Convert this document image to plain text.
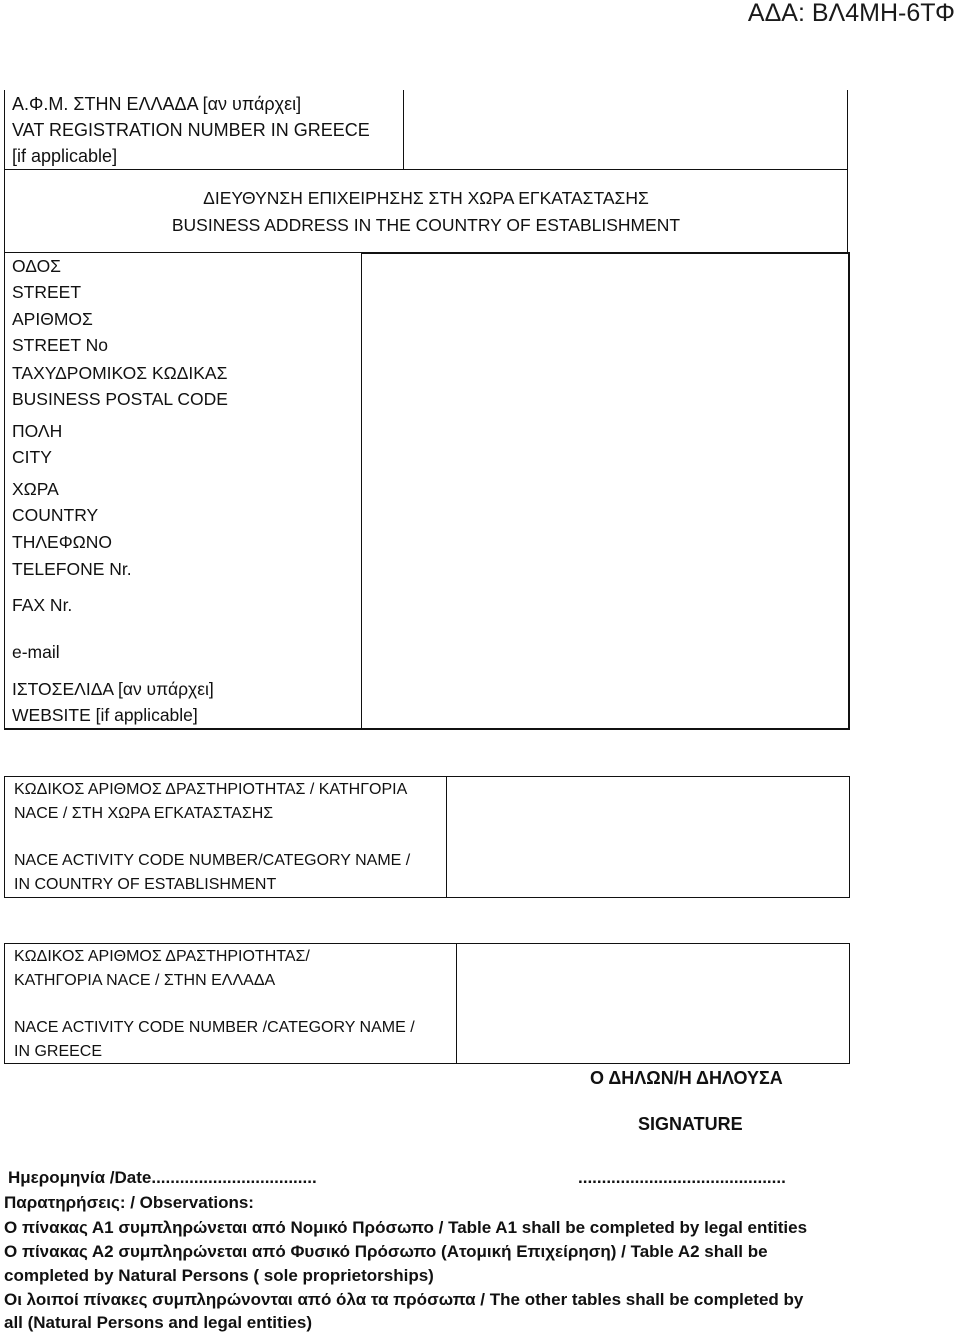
ΑΔΑ: ΒΛ4ΜΗ-6ΤΦ
Α.Φ.Μ. ΣΤΗΝ ΕΛΛΑΔΑ [αν υπάρχει]
VAT REGISTRATION NUMBER IN GREECE
[if applicable]
ΔΙΕΥΘΥΝΣΗ ΕΠΙΧΕΙΡΗΣΗΣ ΣΤΗ ΧΩΡΑ ΕΓΚΑΤΑΣΤΑΣΗΣ
BUSINESS ADDRESS IN THE COUNTRY OF ESTABLISHMENT
ΟΔΟΣ
STREET
ΑΡΙΘΜΟΣ
STREET No
ΤΑΧΥΔΡΟΜΙΚΟΣ ΚΩΔΙΚΑΣ
BUSINESS POSTAL CODE
ΠΟΛΗ
CITY
ΧΩΡΑ
COUNTRY
ΤΗΛΕΦΩΝΟ
TELEFONE Nr.
FAX Nr.
e-mail
ΙΣΤΟΣΕΛΙΔΑ [αν υπάρχει]
WEBSITE [if applicable]
ΚΩΔΙΚΟΣ ΑΡΙΘΜΟΣ ΔΡΑΣΤΗΡΙΟΤΗΤΑΣ / ΚΑΤΗΓΟΡΙΑ
NACE / ΣΤΗ ΧΩΡΑ ΕΓΚΑΤΑΣΤΑΣΗΣ
NACE ACTIVITY CODE NUMBER/CATEGORY NAME /
IN COUNTRY OF ESTABLISHMENT
ΚΩΔΙΚΟΣ ΑΡΙΘΜΟΣ ΔΡΑΣΤΗΡΙΟΤΗΤΑΣ/
ΚΑΤΗΓΟΡΙΑ NACE / ΣΤΗΝ ΕΛΛΑΔΑ
NACE ACTIVITY CODE NUMBER /CATEGORY NAME /
IN GREECE
Ο ΔΗΛΩΝ/Η ΔΗΛΟΥΣΑ
SIGNATURE
Ημερομηνία /Date...................................	............................................
Παρατηρήσεις: / Observations:
Ο πίνακας Α1 συμπληρώνεται από Νομικό Πρόσωπο / Table A1 shall be completed by legal entities
Ο πίνακας Α2 συμπληρώνεται από Φυσικό Πρόσωπο (Ατομική Επιχείρηση) / Table A2 shall be
completed by Natural Persons ( sole proprietorships)
Οι λοιποί πίνακες συμπληρώνονται από όλα τα πρόσωπα / The other tables shall be completed by
all (Natural Persons and legal entities)
